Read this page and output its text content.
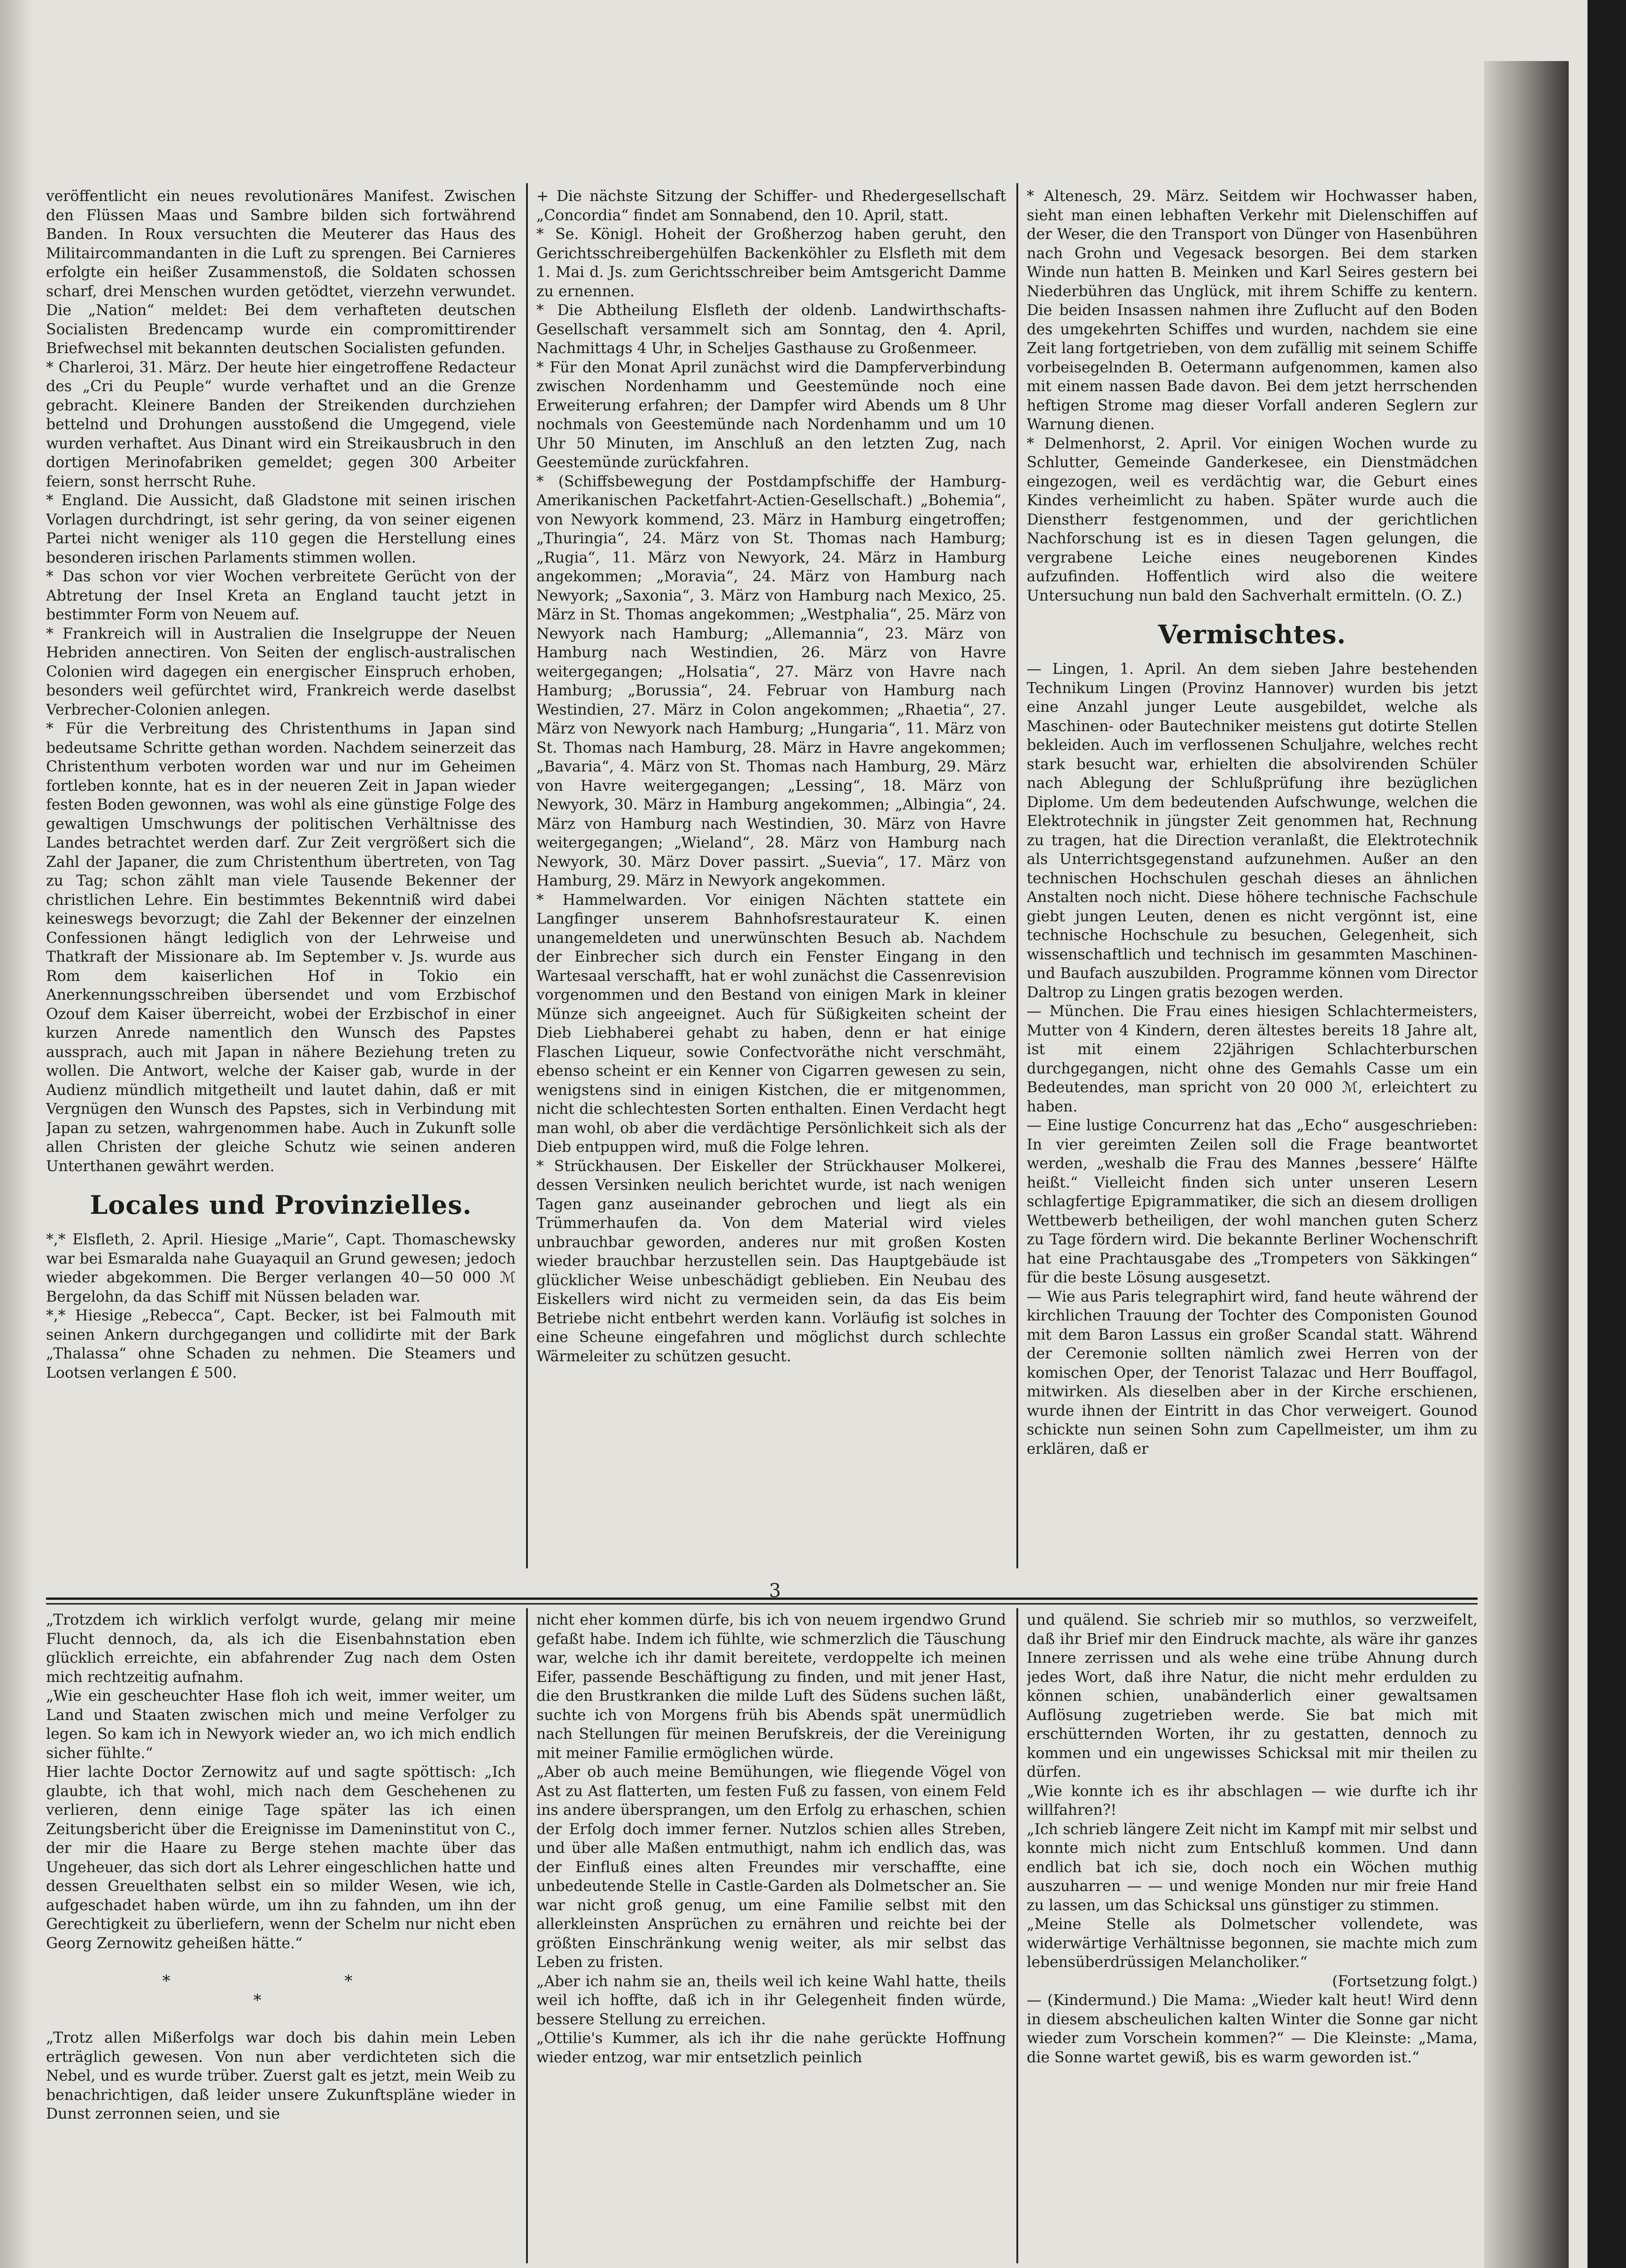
veröffentlicht ein neues revolutionäres Manifest. Zwischen den Flüssen Maas und Sambre bilden sich fortwährend Banden. In Roux versuchten die Meuterer das Haus des Militaircommandanten in die Luft zu sprengen. Bei Carnieres erfolgte ein heißer Zusammenstoß, die Soldaten schossen scharf, drei Menschen wurden getödtet, vierzehn verwundet. Die „Nation“ meldet: Bei dem verhafteten deutschen Socialisten Bredencamp wurde ein compromittirender Briefwechsel mit bekannten deutschen Socialisten gefunden.

* Charleroi, 31. März. Der heute hier eingetroffene Redacteur des „Cri du Peuple“ wurde verhaftet und an die Grenze gebracht. Kleinere Banden der Streikenden durchziehen bettelnd und Drohungen ausstoßend die Umgegend, viele wurden verhaftet. Aus Dinant wird ein Streikausbruch in den dortigen Merinofabriken gemeldet; gegen 300 Arbeiter feiern, sonst herrscht Ruhe.

* England. Die Aussicht, daß Gladstone mit seinen irischen Vorlagen durchdringt, ist sehr gering, da von seiner eigenen Partei nicht weniger als 110 gegen die Herstellung eines besonderen irischen Parlaments stimmen wollen.

* Das schon vor vier Wochen verbreitete Gerücht von der Abtretung der Insel Kreta an England taucht jetzt in bestimmter Form von Neuem auf.

* Frankreich will in Australien die Inselgruppe der Neuen Hebriden annectiren. Von Seiten der englisch-australischen Colonien wird dagegen ein energischer Einspruch erhoben, besonders weil gefürchtet wird, Frankreich werde daselbst Verbrecher-Colonien anlegen.

* Für die Verbreitung des Christenthums in Japan sind bedeutsame Schritte gethan worden. Nachdem seinerzeit das Christenthum verboten worden war und nur im Geheimen fortleben konnte, hat es in der neueren Zeit in Japan wieder festen Boden gewonnen, was wohl als eine günstige Folge des gewaltigen Umschwungs der politischen Verhältnisse des Landes betrachtet werden darf. Zur Zeit vergrößert sich die Zahl der Japaner, die zum Christenthum übertreten, von Tag zu Tag; schon zählt man viele Tausende Bekenner der christlichen Lehre. Ein bestimmtes Bekenntniß wird dabei keineswegs bevorzugt; die Zahl der Bekenner der einzelnen Confessionen hängt lediglich von der Lehrweise und Thatkraft der Missionare ab. Im September v. Js. wurde aus Rom dem kaiserlichen Hof in Tokio ein Anerkennungsschreiben übersendet und vom Erzbischof Ozouf dem Kaiser überreicht, wobei der Erzbischof in einer kurzen Anrede namentlich den Wunsch des Papstes aussprach, auch mit Japan in nähere Beziehung treten zu wollen. Die Antwort, welche der Kaiser gab, wurde in der Audienz mündlich mitgetheilt und lautet dahin, daß er mit Vergnügen den Wunsch des Papstes, sich in Verbindung mit Japan zu setzen, wahrgenommen habe. Auch in Zukunft solle allen Christen der gleiche Schutz wie seinen anderen Unterthanen gewährt werden.

Locales und Provinzielles.

*,* Elsfleth, 2. April. Hiesige „Marie“, Capt. Thomaschewsky war bei Esmaralda nahe Guayaquil an Grund gewesen; jedoch wieder abgekommen. Die Berger verlangen 40—50 000 ℳ Bergelohn, da das Schiff mit Nüssen beladen war.

*,* Hiesige „Rebecca“, Capt. Becker, ist bei Falmouth mit seinen Ankern durchgegangen und collidirte mit der Bark „Thalassa“ ohne Schaden zu nehmen. Die Steamers und Lootsen verlangen £ 500.

+ Die nächste Sitzung der Schiffer- und Rhedergesellschaft „Concordia“ findet am Sonnabend, den 10. April, statt.

* Se. Königl. Hoheit der Großherzog haben geruht, den Gerichtsschreibergehülfen Backenköhler zu Elsfleth mit dem 1. Mai d. Js. zum Gerichtsschreiber beim Amtsgericht Damme zu ernennen.

* Die Abtheilung Elsfleth der oldenb. Landwirthschafts-Gesellschaft versammelt sich am Sonntag, den 4. April, Nachmittags 4 Uhr, in Scheljes Gasthause zu Großenmeer.

* Für den Monat April zunächst wird die Dampferverbindung zwischen Nordenhamm und Geestemünde noch eine Erweiterung erfahren; der Dampfer wird Abends um 8 Uhr nochmals von Geestemünde nach Nordenhamm und um 10 Uhr 50 Minuten, im Anschluß an den letzten Zug, nach Geestemünde zurückfahren.

* (Schiffsbewegung der Postdampfschiffe der Hamburg-Amerikanischen Packetfahrt-Actien-Gesellschaft.) „Bohemia“, von Newyork kommend, 23. März in Hamburg eingetroffen; „Thuringia“, 24. März von St. Thomas nach Hamburg; „Rugia“, 11. März von Newyork, 24. März in Hamburg angekommen; „Moravia“, 24. März von Hamburg nach Newyork; „Saxonia“, 3. März von Hamburg nach Mexico, 25. März in St. Thomas angekommen; „Westphalia“, 25. März von Newyork nach Hamburg; „Allemannia“, 23. März von Hamburg nach Westindien, 26. März von Havre weitergegangen; „Holsatia“, 27. März von Havre nach Hamburg; „Borussia“, 24. Februar von Hamburg nach Westindien, 27. März in Colon angekommen; „Rhaetia“, 27. März von Newyork nach Hamburg; „Hungaria“, 11. März von St. Thomas nach Hamburg, 28. März in Havre angekommen; „Bavaria“, 4. März von St. Thomas nach Hamburg, 29. März von Havre weitergegangen; „Lessing“, 18. März von Newyork, 30. März in Hamburg angekommen; „Albingia“, 24. März von Hamburg nach Westindien, 30. März von Havre weitergegangen; „Wieland“, 28. März von Hamburg nach Newyork, 30. März Dover passirt. „Suevia“, 17. März von Hamburg, 29. März in Newyork angekommen.

* Hammelwarden. Vor einigen Nächten stattete ein Langfinger unserem Bahnhofsrestaurateur K. einen unangemeldeten und unerwünschten Besuch ab. Nachdem der Einbrecher sich durch ein Fenster Eingang in den Wartesaal verschafft, hat er wohl zunächst die Cassenrevision vorgenommen und den Bestand von einigen Mark in kleiner Münze sich angeeignet. Auch für Süßigkeiten scheint der Dieb Liebhaberei gehabt zu haben, denn er hat einige Flaschen Liqueur, sowie Confectvoräthe nicht verschmäht, ebenso scheint er ein Kenner von Cigarren gewesen zu sein, wenigstens sind in einigen Kistchen, die er mitgenommen, nicht die schlechtesten Sorten enthalten. Einen Verdacht hegt man wohl, ob aber die verdächtige Persönlichkeit sich als der Dieb entpuppen wird, muß die Folge lehren.

* Strückhausen. Der Eiskeller der Strückhauser Molkerei, dessen Versinken neulich berichtet wurde, ist nach wenigen Tagen ganz auseinander gebrochen und liegt als ein Trümmerhaufen da. Von dem Material wird vieles unbrauchbar geworden, anderes nur mit großen Kosten wieder brauchbar herzustellen sein. Das Hauptgebäude ist glücklicher Weise unbeschädigt geblieben. Ein Neubau des Eiskellers wird nicht zu vermeiden sein, da das Eis beim Betriebe nicht entbehrt werden kann. Vorläufig ist solches in eine Scheune eingefahren und möglichst durch schlechte Wärmeleiter zu schützen gesucht.

* Altenesch, 29. März. Seitdem wir Hochwasser haben, sieht man einen lebhaften Verkehr mit Dielenschiffen auf der Weser, die den Transport von Dünger von Hasenbühren nach Grohn und Vegesack besorgen. Bei dem starken Winde nun hatten B. Meinken und Karl Seires gestern bei Niederbühren das Unglück, mit ihrem Schiffe zu kentern. Die beiden Insassen nahmen ihre Zuflucht auf den Boden des umgekehrten Schiffes und wurden, nachdem sie eine Zeit lang fortgetrieben, von dem zufällig mit seinem Schiffe vorbeisegelnden B. Oetermann aufgenommen, kamen also mit einem nassen Bade davon. Bei dem jetzt herrschenden heftigen Strome mag dieser Vorfall anderen Seglern zur Warnung dienen.

* Delmenhorst, 2. April. Vor einigen Wochen wurde zu Schlutter, Gemeinde Ganderkesee, ein Dienstmädchen eingezogen, weil es verdächtig war, die Geburt eines Kindes verheimlicht zu haben. Später wurde auch die Dienstherr festgenommen, und der gerichtlichen Nachforschung ist es in diesen Tagen gelungen, die vergrabene Leiche eines neugeborenen Kindes aufzufinden. Hoffentlich wird also die weitere Untersuchung nun bald den Sachverhalt ermitteln. (O. Z.)

Vermischtes.

— Lingen, 1. April. An dem sieben Jahre bestehenden Technikum Lingen (Provinz Hannover) wurden bis jetzt eine Anzahl junger Leute ausgebildet, welche als Maschinen- oder Bautechniker meistens gut dotirte Stellen bekleiden. Auch im verflossenen Schuljahre, welches recht stark besucht war, erhielten die absolvirenden Schüler nach Ablegung der Schlußprüfung ihre bezüglichen Diplome. Um dem bedeutenden Aufschwunge, welchen die Elektrotechnik in jüngster Zeit genommen hat, Rechnung zu tragen, hat die Direction veranlaßt, die Elektrotechnik als Unterrichtsgegenstand aufzunehmen. Außer an den technischen Hochschulen geschah dieses an ähnlichen Anstalten noch nicht. Diese höhere technische Fachschule giebt jungen Leuten, denen es nicht vergönnt ist, eine technische Hochschule zu besuchen, Gelegenheit, sich wissenschaftlich und technisch im gesammten Maschinen- und Baufach auszubilden. Programme können vom Director Daltrop zu Lingen gratis bezogen werden.

— München. Die Frau eines hiesigen Schlachtermeisters, Mutter von 4 Kindern, deren ältestes bereits 18 Jahre alt, ist mit einem 22jährigen Schlachterburschen durchgegangen, nicht ohne des Gemahls Casse um ein Bedeutendes, man spricht von 20 000 ℳ, erleichtert zu haben.

— Eine lustige Concurrenz hat das „Echo“ ausgeschrieben: In vier gereimten Zeilen soll die Frage beantwortet werden, „weshalb die Frau des Mannes ‚bessere‘ Hälfte heißt.“ Vielleicht finden sich unter unseren Lesern schlagfertige Epigrammatiker, die sich an diesem drolligen Wettbewerb betheiligen, der wohl manchen guten Scherz zu Tage fördern wird. Die bekannte Berliner Wochenschrift hat eine Prachtausgabe des „Trompeters von Säkkingen“ für die beste Lösung ausgesetzt.

— Wie aus Paris telegraphirt wird, fand heute während der kirchlichen Trauung der Tochter des Componisten Gounod mit dem Baron Lassus ein großer Scandal statt. Während der Ceremonie sollten nämlich zwei Herren von der komischen Oper, der Tenorist Talazac und Herr Bouffagol, mitwirken. Als dieselben aber in der Kirche erschienen, wurde ihnen der Eintritt in das Chor verweigert. Gounod schickte nun seinen Sohn zum Capellmeister, um ihm zu erklären, daß er

3

„Trotzdem ich wirklich verfolgt wurde, gelang mir meine Flucht dennoch, da, als ich die Eisenbahnstation eben glücklich erreichte, ein abfahrender Zug nach dem Osten mich rechtzeitig aufnahm.

„Wie ein gescheuchter Hase floh ich weit, immer weiter, um Land und Staaten zwischen mich und meine Verfolger zu legen. So kam ich in Newyork wieder an, wo ich mich endlich sicher fühlte.“

Hier lachte Doctor Zernowitz auf und sagte spöttisch: „Ich glaubte, ich that wohl, mich nach dem Geschehenen zu verlieren, denn einige Tage später las ich einen Zeitungsbericht über die Ereignisse im Dameninstitut von C., der mir die Haare zu Berge stehen machte über das Ungeheuer, das sich dort als Lehrer eingeschlichen hatte und dessen Greuelthaten selbst ein so milder Wesen, wie ich, aufgeschadet haben würde, um ihn zu fahnden, um ihn der Gerechtigkeit zu überliefern, wenn der Schelm nur nicht eben Georg Zernowitz geheißen hätte.“

* * *

„Trotz allen Mißerfolgs war doch bis dahin mein Leben erträglich gewesen. Von nun aber verdichteten sich die Nebel, und es wurde trüber. Zuerst galt es jetzt, mein Weib zu benachrichtigen, daß leider unsere Zukunftspläne wieder in Dunst zerronnen seien, und sie

nicht eher kommen dürfe, bis ich von neuem irgendwo Grund gefaßt habe. Indem ich fühlte, wie schmerzlich die Täuschung war, welche ich ihr damit bereitete, verdoppelte ich meinen Eifer, passende Beschäftigung zu finden, und mit jener Hast, die den Brustkranken die milde Luft des Südens suchen läßt, suchte ich von Morgens früh bis Abends spät unermüdlich nach Stellungen für meinen Berufskreis, der die Vereinigung mit meiner Familie ermöglichen würde.

„Aber ob auch meine Bemühungen, wie fliegende Vögel von Ast zu Ast flatterten, um festen Fuß zu fassen, von einem Feld ins andere übersprangen, um den Erfolg zu erhaschen, schien der Erfolg doch immer ferner. Nutzlos schien alles Streben, und über alle Maßen entmuthigt, nahm ich endlich das, was der Einfluß eines alten Freundes mir verschaffte, eine unbedeutende Stelle in Castle-Garden als Dolmetscher an. Sie war nicht groß genug, um eine Familie selbst mit den allerkleinsten Ansprüchen zu ernähren und reichte bei der größten Einschränkung wenig weiter, als mir selbst das Leben zu fristen.

„Aber ich nahm sie an, theils weil ich keine Wahl hatte, theils weil ich hoffte, daß ich in ihr Gelegenheit finden würde, bessere Stellung zu erreichen.

„Ottilie's Kummer, als ich ihr die nahe gerückte Hoffnung wieder entzog, war mir entsetzlich peinlich

und quälend. Sie schrieb mir so muthlos, so verzweifelt, daß ihr Brief mir den Eindruck machte, als wäre ihr ganzes Innere zerrissen und als wehe eine trübe Ahnung durch jedes Wort, daß ihre Natur, die nicht mehr erdulden zu können schien, unabänderlich einer gewaltsamen Auflösung zugetrieben werde. Sie bat mich mit erschütternden Worten, ihr zu gestatten, dennoch zu kommen und ein ungewisses Schicksal mit mir theilen zu dürfen.

„Wie konnte ich es ihr abschlagen — wie durfte ich ihr willfahren?!

„Ich schrieb längere Zeit nicht im Kampf mit mir selbst und konnte mich nicht zum Entschluß kommen. Und dann endlich bat ich sie, doch noch ein Wöchen muthig auszuharren — — und wenige Monden nur mir freie Hand zu lassen, um das Schicksal uns günstiger zu stimmen.

„Meine Stelle als Dolmetscher vollendete, was widerwärtige Verhältnisse begonnen, sie machte mich zum lebensüberdrüssigen Melancholiker.“

(Fortsetzung folgt.)

— (Kindermund.) Die Mama: „Wieder kalt heut! Wird denn in diesem abscheulichen kalten Winter die Sonne gar nicht wieder zum Vorschein kommen?“ — Die Kleinste: „Mama, die Sonne wartet gewiß, bis es warm geworden ist.“
